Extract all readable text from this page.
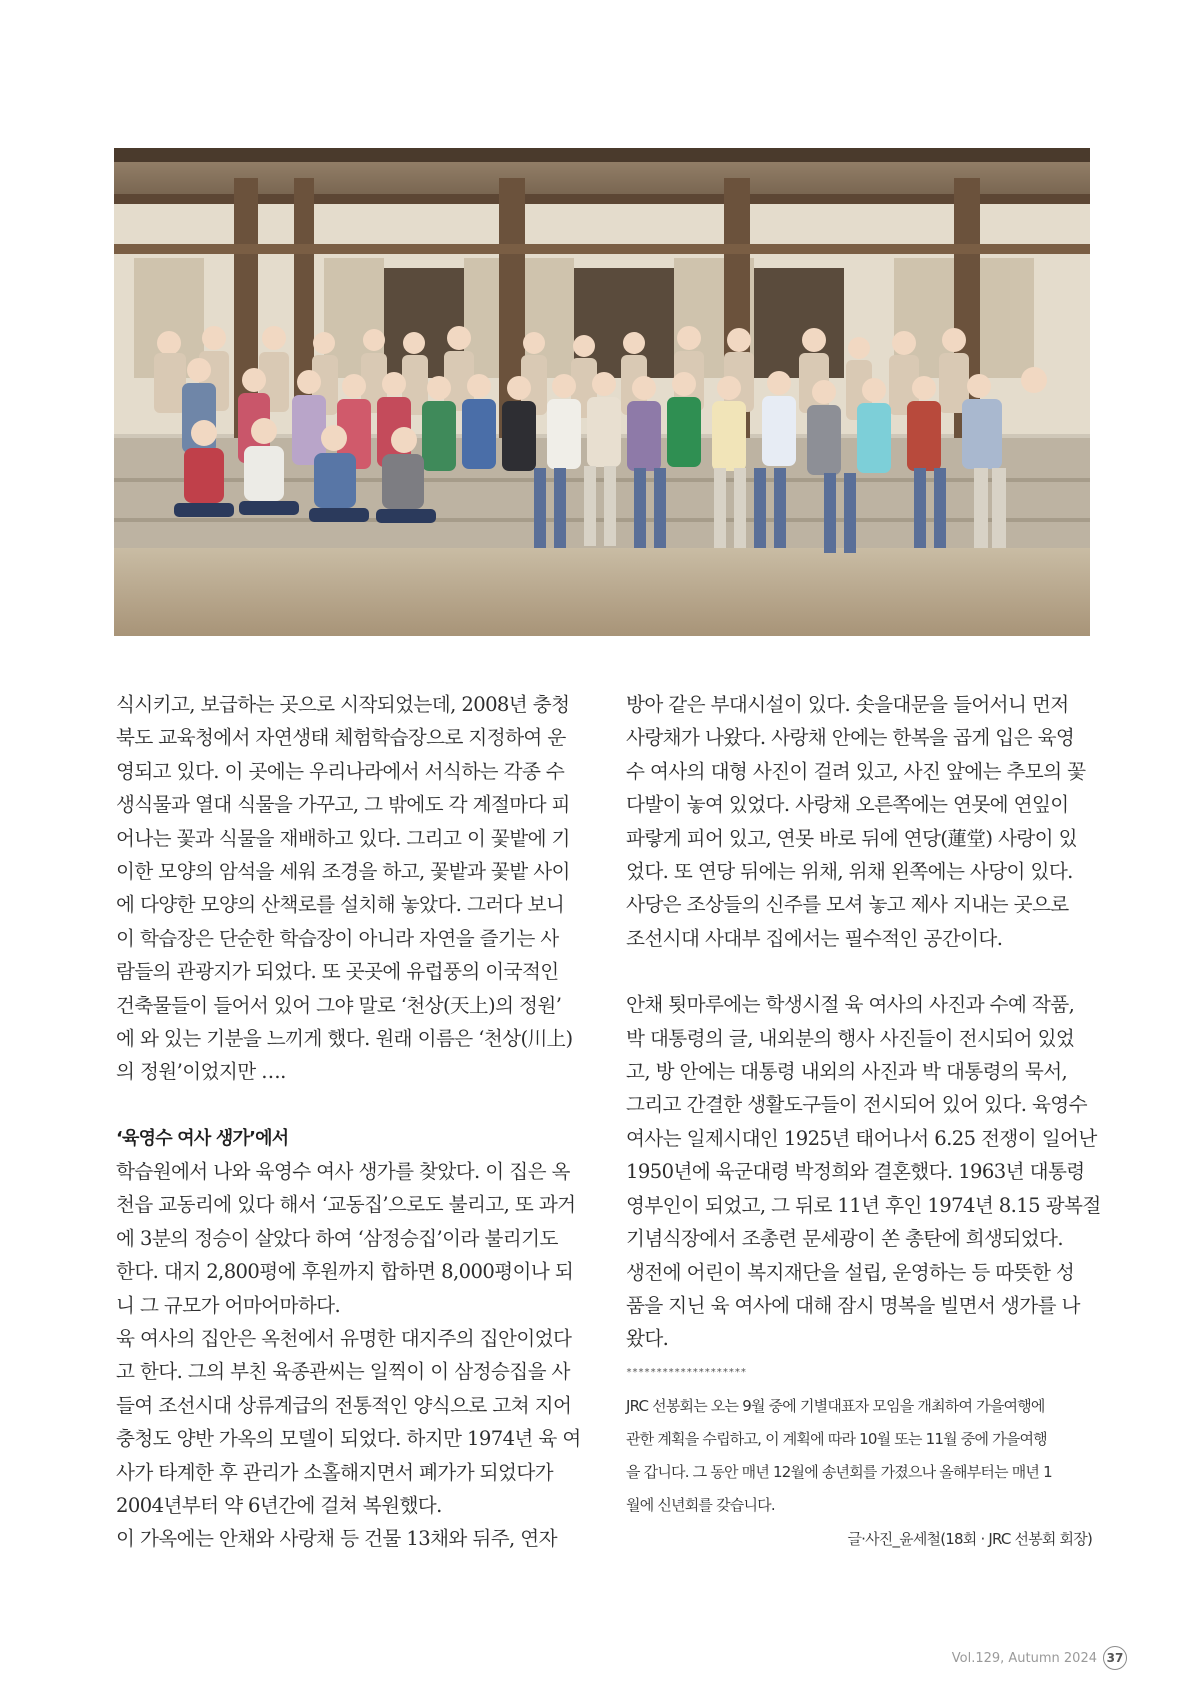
식시키고, 보급하는 곳으로 시작되었는데, 2008년 충청
북도 교육청에서 자연생태 체험학습장으로 지정하여 운
영되고 있다. 이 곳에는 우리나라에서 서식하는 각종 수
생식물과 열대 식물을 가꾸고, 그 밖에도 각 계절마다 피
어나는 꽃과 식물을 재배하고 있다. 그리고 이 꽃밭에 기
이한 모양의 암석을 세워 조경을 하고, 꽃밭과 꽃밭 사이
에 다양한 모양의 산책로를 설치해 놓았다. 그러다 보니
이 학습장은 단순한 학습장이 아니라 자연을 즐기는 사
람들의 관광지가 되었다. 또 곳곳에 유럽풍의 이국적인
건축물들이 들어서 있어 그야 말로 ‘천상(天上)의 정원’
에 와 있는 기분을 느끼게 했다. 원래 이름은 ‘천상(川上)
의 정원’이었지만 ….

‘육영수 여사 생가’에서

학습원에서 나와 육영수 여사 생가를 찾았다. 이 집은 옥
천읍 교동리에 있다 해서 ‘교동집’으로도 불리고, 또 과거
에 3분의 정승이 살았다 하여 ‘삼정승집’이라 불리기도
한다. 대지 2,800평에 후원까지 합하면 8,000평이나 되
니 그 규모가 어마어마하다.

육 여사의 집안은 옥천에서 유명한 대지주의 집안이었다
고 한다. 그의 부친 육종관씨는 일찍이 이 삼정승집을 사
들여 조선시대 상류계급의 전통적인 양식으로 고쳐 지어
충청도 양반 가옥의 모델이 되었다. 하지만 1974년 육 여
사가 타계한 후 관리가 소홀해지면서 폐가가 되었다가
2004년부터 약 6년간에 걸쳐 복원했다.

이 가옥에는 안채와 사랑채 등 건물 13채와 뒤주, 연자

방아 같은 부대시설이 있다. 솟을대문을 들어서니 먼저
사랑채가 나왔다. 사랑채 안에는 한복을 곱게 입은 육영
수 여사의 대형 사진이 걸려 있고, 사진 앞에는 추모의 꽃
다발이 놓여 있었다. 사랑채 오른쪽에는 연못에 연잎이
파랗게 피어 있고, 연못 바로 뒤에 연당(蓮堂) 사랑이 있
었다. 또 연당 뒤에는 위채, 위채 왼쪽에는 사당이 있다.
사당은 조상들의 신주를 모셔 놓고 제사 지내는 곳으로
조선시대 사대부 집에서는 필수적인 공간이다.

안채 툇마루에는 학생시절 육 여사의 사진과 수예 작품,
박 대통령의 글, 내외분의 행사 사진들이 전시되어 있었
고, 방 안에는 대통령 내외의 사진과 박 대통령의 묵서,
그리고 간결한 생활도구들이 전시되어 있어 있다. 육영수
여사는 일제시대인 1925년 태어나서 6.25 전쟁이 일어난
1950년에 육군대령 박정희와 결혼했다. 1963년 대통령
영부인이 되었고, 그 뒤로 11년 후인 1974년 8.15 광복절
기념식장에서 조총련 문세광이 쏜 총탄에 희생되었다.
생전에 어린이 복지재단을 설립, 운영하는 등 따뜻한 성
품을 지닌 육 여사에 대해 잠시 명복을 빌면서 생가를 나
왔다.

********************

JRC 선봉회는 오는 9월 중에 기별대표자 모임을 개최하여 가을여행에
관한 계획을 수립하고, 이 계획에 따라 10월 또는 11월 중에 가을여행
을 갑니다. 그 동안 매년 12월에 송년회를 가졌으나 올해부터는 매년 1
월에 신년회를 갖습니다.

글·사진_윤세철(18회 · JRC 선봉회 회장)
Vol.129, Autumn 2024 37
